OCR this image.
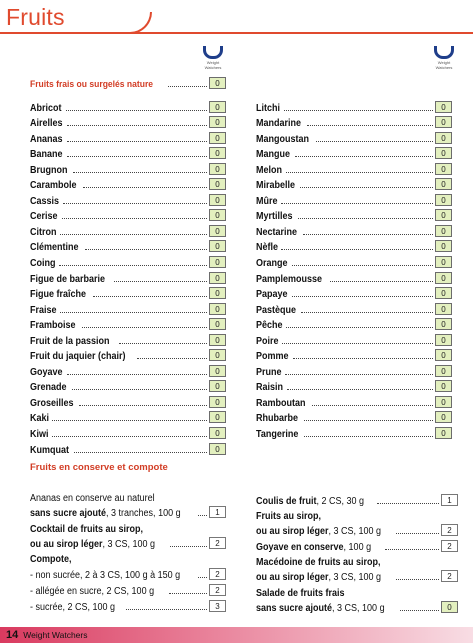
Fruits
Weight Watchers
Weight Watchers
Fruits frais ou surgelés nature	0
Abricot	0
Airelles	0
Ananas	0
Banane	0
Brugnon	0
Carambole	0
Cassis	0
Cerise	0
Citron	0
Clémentine	0
Coing	0
Figue de barbarie	0
Figue fraîche	0
Fraise	0
Framboise	0
Fruit de la passion	0
Fruit du jaquier (chair)	0
Goyave	0
Grenade	0
Groseilles	0
Kaki	0
Kiwi	0
Kumquat	0
Litchi	0
Mandarine	0
Mangoustan	0
Mangue	0
Melon	0
Mirabelle	0
Mûre	0
Myrtilles	0
Nectarine	0
Nèfle	0
Orange	0
Pamplemousse	0
Papaye	0
Pastèque	0
Pêche	0
Poire	0
Pomme	0
Prune	0
Raisin	0
Ramboutan	0
Rhubarbe	0
Tangerine	0
Fruits en conserve et compote
Ananas en conserve au naturel
sans sucre ajouté, 3 tranches, 100 g	1
Cocktail de fruits au sirop,
ou au sirop léger, 3 CS, 100 g	2
Compote,
- non sucrée, 2 à 3 CS, 100 g à 150 g	2
- allégée en sucre, 2 CS, 100 g	2
- sucrée, 2 CS, 100 g	3
Coulis de fruit, 2 CS, 30 g	1
Fruits au sirop,
ou au sirop léger, 3 CS, 100 g	2
Goyave en conserve, 100 g	2
Macédoine de fruits au sirop,
ou au sirop léger, 3 CS, 100 g	2
Salade de fruits frais
sans sucre ajouté, 3 CS, 100 g	0
14 Weight Watchers
